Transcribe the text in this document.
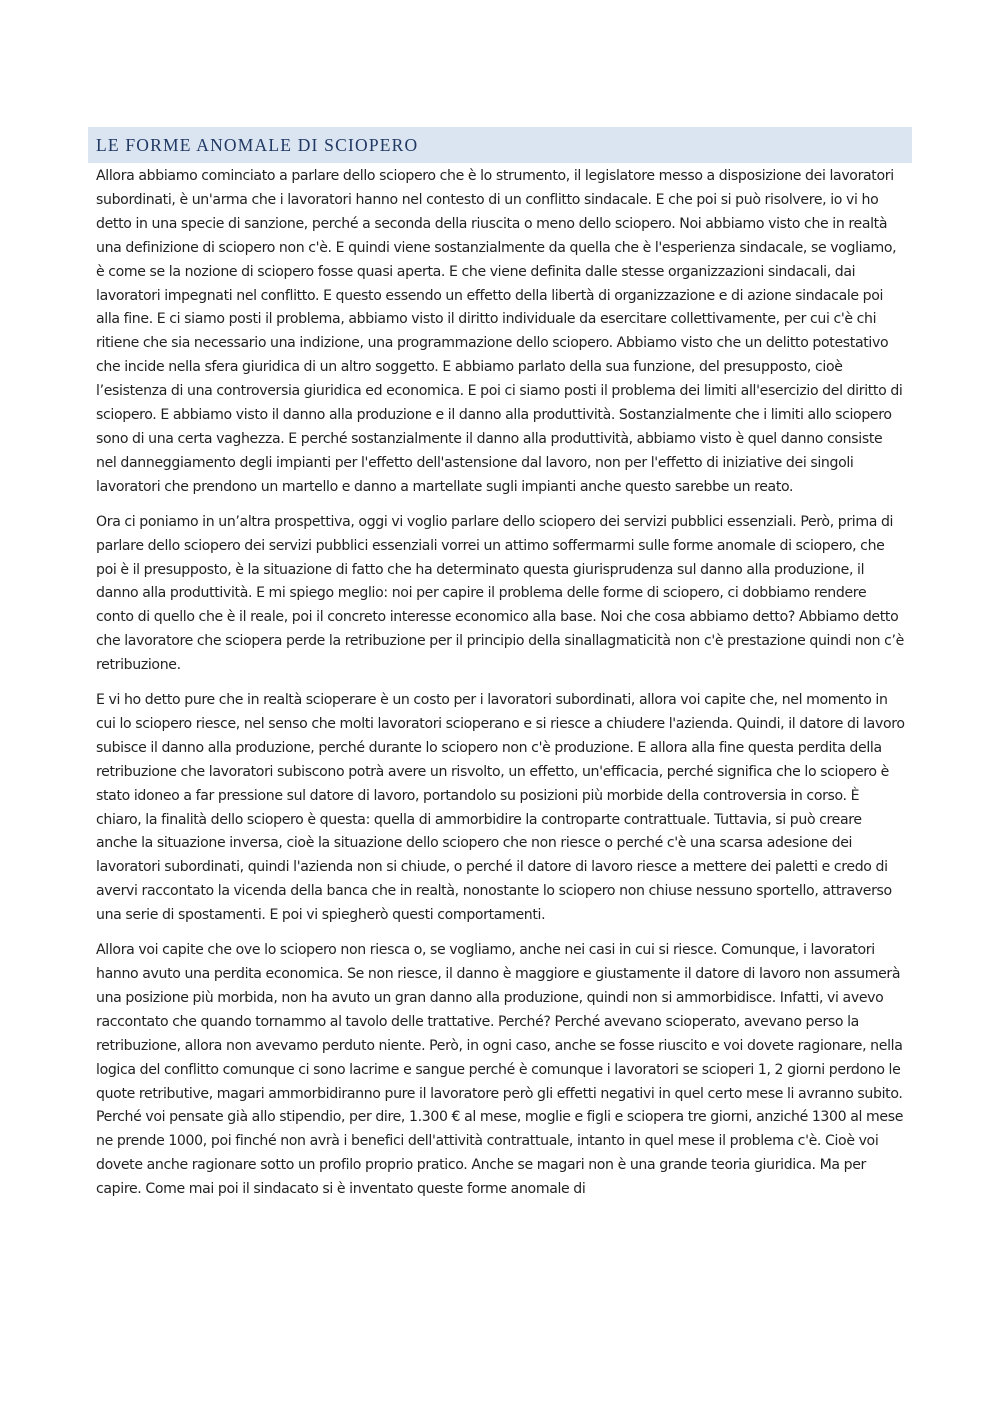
LE FORME ANOMALE DI SCIOPERO

Allora abbiamo cominciato a parlare dello sciopero che è lo strumento, il legislatore messo a disposizione dei lavoratori subordinati, è un'arma che i lavoratori hanno nel contesto di un conflitto sindacale. E che poi si può risolvere, io vi ho detto in una specie di sanzione, perché a seconda della riuscita o meno dello sciopero. Noi abbiamo visto che in realtà una definizione di sciopero non c'è. E quindi viene sostanzialmente da quella che è l'esperienza sindacale, se vogliamo, è come se la nozione di sciopero fosse quasi aperta. E che viene definita dalle stesse organizzazioni sindacali, dai lavoratori impegnati nel conflitto. E questo essendo un effetto della libertà di organizzazione e di azione sindacale poi alla fine. E ci siamo posti il problema, abbiamo visto il diritto individuale da esercitare collettivamente, per cui c'è chi ritiene che sia necessario una indizione, una programmazione dello sciopero. Abbiamo visto che un delitto potestativo che incide nella sfera giuridica di un altro soggetto. E abbiamo parlato della sua funzione, del presupposto, cioè l’esistenza di una controversia giuridica ed economica. E poi ci siamo posti il problema dei limiti all'esercizio del diritto di sciopero. E abbiamo visto il danno alla produzione e il danno alla produttività. Sostanzialmente che i limiti allo sciopero sono di una certa vaghezza. E perché sostanzialmente il danno alla produttività, abbiamo visto è quel danno consiste nel danneggiamento degli impianti per l'effetto dell'astensione dal lavoro, non per l'effetto di iniziative dei singoli lavoratori che prendono un martello e danno a martellate sugli impianti anche questo sarebbe un reato.

Ora ci poniamo in un’altra prospettiva, oggi vi voglio parlare dello sciopero dei servizi pubblici essenziali. Però, prima di parlare dello sciopero dei servizi pubblici essenziali vorrei un attimo soffermarmi sulle forme anomale di sciopero, che poi è il presupposto, è la situazione di fatto che ha determinato questa giurisprudenza sul danno alla produzione, il danno alla produttività. E mi spiego meglio: noi per capire il problema delle forme di sciopero, ci dobbiamo rendere conto di quello che è il reale, poi il concreto interesse economico alla base. Noi che cosa abbiamo detto? Abbiamo detto che lavoratore che sciopera perde la retribuzione per il principio della sinallagmaticità non c'è prestazione quindi non c’è retribuzione.

E vi ho detto pure che in realtà scioperare è un costo per i lavoratori subordinati, allora voi capite che, nel momento in cui lo sciopero riesce, nel senso che molti lavoratori scioperano e si riesce a chiudere l'azienda. Quindi, il datore di lavoro subisce il danno alla produzione, perché durante lo sciopero non c'è produzione. E allora alla fine questa perdita della retribuzione che lavoratori subiscono potrà avere un risvolto, un effetto, un'efficacia, perché significa che lo sciopero è stato idoneo a far pressione sul datore di lavoro, portandolo su posizioni più morbide della controversia in corso. È chiaro, la finalità dello sciopero è questa: quella di ammorbidire la controparte contrattuale. Tuttavia, si può creare anche la situazione inversa, cioè la situazione dello sciopero che non riesce o perché c'è una scarsa adesione dei lavoratori subordinati, quindi l'azienda non si chiude, o perché il datore di lavoro riesce a mettere dei paletti e credo di avervi raccontato la vicenda della banca che in realtà, nonostante lo sciopero non chiuse nessuno sportello, attraverso una serie di spostamenti. E poi vi spiegherò questi comportamenti.

Allora voi capite che ove lo sciopero non riesca o, se vogliamo, anche nei casi in cui si riesce. Comunque, i lavoratori hanno avuto una perdita economica. Se non riesce, il danno è maggiore e giustamente il datore di lavoro non assumerà una posizione più morbida, non ha avuto un gran danno alla produzione, quindi non si ammorbidisce. Infatti, vi avevo raccontato che quando tornammo al tavolo delle trattative. Perché? Perché avevano scioperato, avevano perso la retribuzione, allora non avevamo perduto niente. Però, in ogni caso, anche se fosse riuscito e voi dovete ragionare, nella logica del conflitto comunque ci sono lacrime e sangue perché è comunque i lavoratori se scioperi 1, 2 giorni perdono le quote retributive, magari ammorbidiranno pure il lavoratore però gli effetti negativi in quel certo mese li avranno subito. Perché voi pensate già allo stipendio, per dire, 1.300 € al mese, moglie e figli e sciopera tre giorni, anziché 1300 al mese ne prende 1000, poi finché non avrà i benefici dell'attività contrattuale, intanto in quel mese il problema c'è. Cioè voi dovete anche ragionare sotto un profilo proprio pratico. Anche se magari non è una grande teoria giuridica. Ma per capire. Come mai poi il sindacato si è inventato queste forme anomale di
